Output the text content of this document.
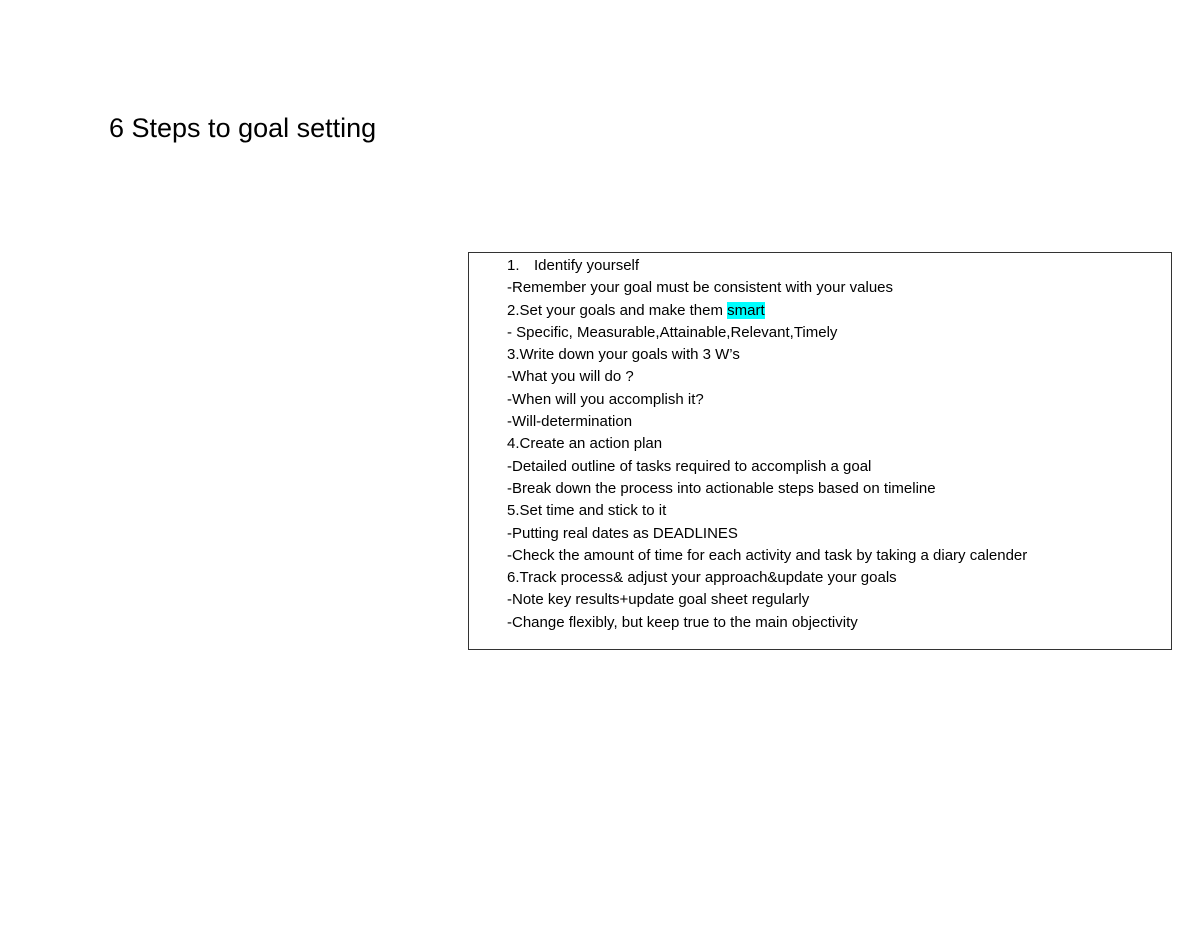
6 Steps to goal setting
1. Identify yourself
-Remember your goal must be consistent with your values
2.Set your goals and make them smart
- Specific, Measurable,Attainable,Relevant,Timely
3.Write down your goals with 3 W’s
-What you will do ?
-When will you accomplish it?
-Will-determination
4.Create an action plan
-Detailed outline of tasks required to accomplish a goal
-Break down the process into actionable steps based on timeline
5.Set time and stick to it
-Putting real dates as DEADLINES
-Check the amount of time for each activity and task by taking a diary calender
6.Track process& adjust your approach&update your goals
-Note key results+update goal sheet regularly
-Change flexibly, but keep true to the main objectivity
